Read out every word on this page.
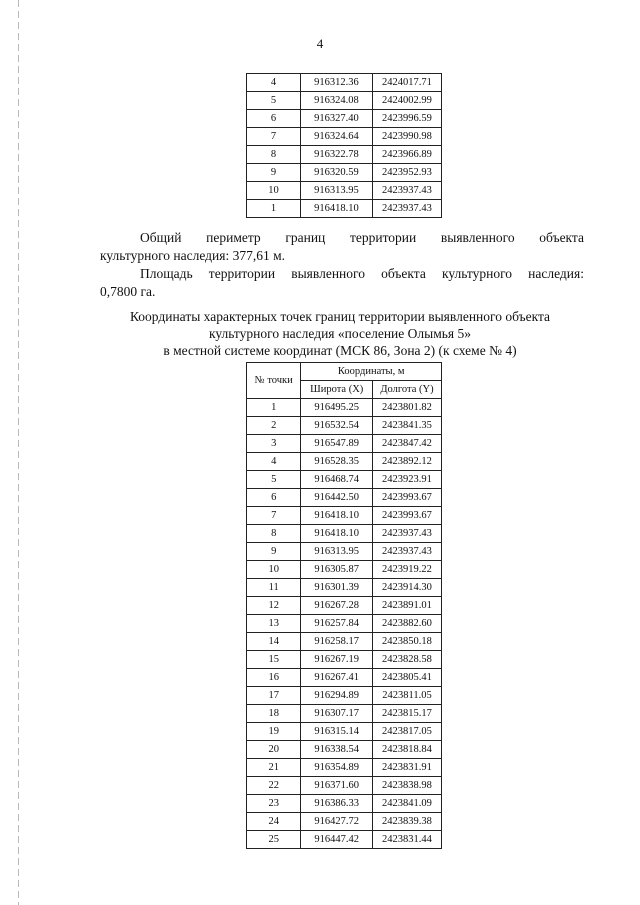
4
4	916312.36	2424017.71
5	916324.08	2424002.99
6	916327.40	2423996.59
7	916324.64	2423990.98
8	916322.78	2423966.89
9	916320.59	2423952.93
10	916313.95	2423937.43
1	916418.10	2423937.43
Общий периметр границ территории выявленного объекта
культурного наследия: 377,61 м.
Площадь территории выявленного объекта культурного наследия:
0,7800 га.
Координаты характерных точек границ территории выявленного объекта
культурного наследия «поселение Олымья 5»
в местной системе координат (МСК 86, Зона 2) (к схеме № 4)
№ точки	Координаты, м	
	Широта (X)	Долгота (Y)
1	916495.25	2423801.82
2	916532.54	2423841.35
3	916547.89	2423847.42
4	916528.35	2423892.12
5	916468.74	2423923.91
6	916442.50	2423993.67
7	916418.10	2423993.67
8	916418.10	2423937.43
9	916313.95	2423937.43
10	916305.87	2423919.22
11	916301.39	2423914.30
12	916267.28	2423891.01
13	916257.84	2423882.60
14	916258.17	2423850.18
15	916267.19	2423828.58
16	916267.41	2423805.41
17	916294.89	2423811.05
18	916307.17	2423815.17
19	916315.14	2423817.05
20	916338.54	2423818.84
21	916354.89	2423831.91
22	916371.60	2423838.98
23	916386.33	2423841.09
24	916427.72	2423839.38
25	916447.42	2423831.44
